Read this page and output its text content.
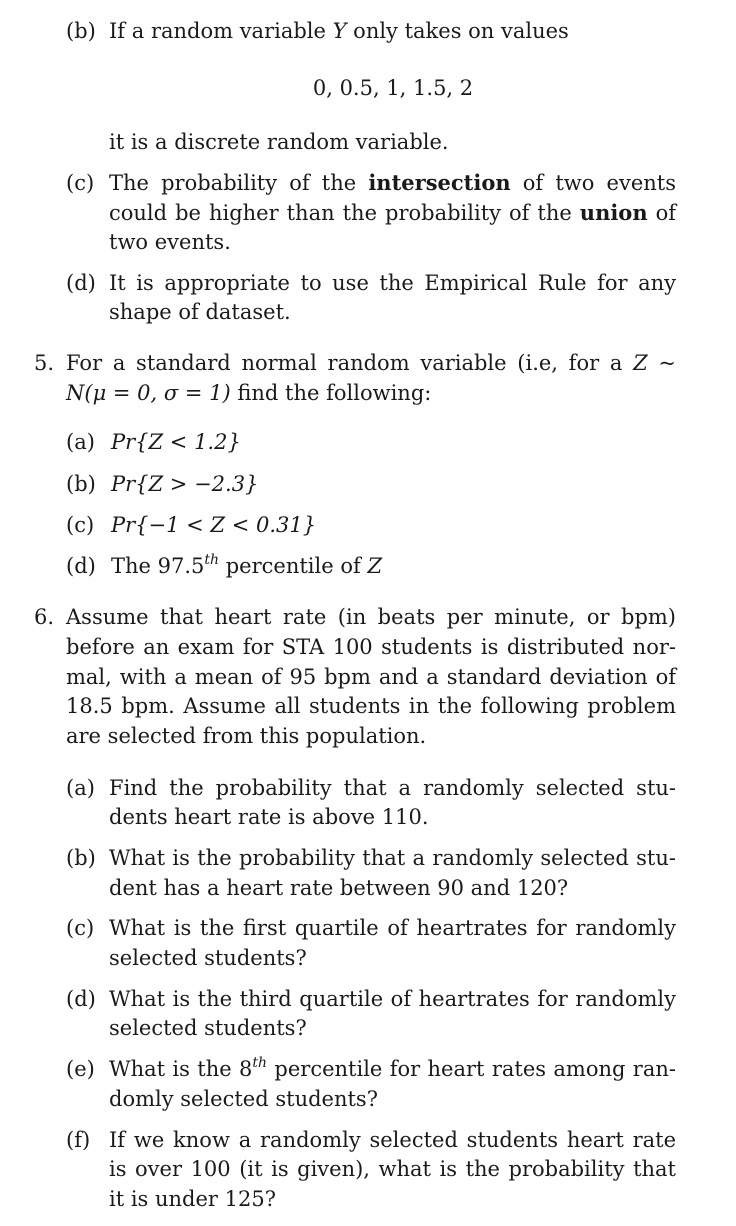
(b) If a random variable Y only takes on values
0, 0.5, 1, 1.5, 2
it is a discrete random variable.
(c) The probability of the intersection of two events
could be higher than the probability of the union of
two events.
(d) It is appropriate to use the Empirical Rule for any
shape of dataset.
5. For a standard normal random variable (i.e, for a Z ~
N(μ = 0, σ = 1) find the following:
(a) Pr{Z < 1.2}
(b) Pr{Z > −2.3}
(c) Pr{−1 < Z < 0.31}
(d) The 97.5th percentile of Z
6. Assume that heart rate (in beats per minute, or bpm)
before an exam for STA 100 students is distributed nor-
mal, with a mean of 95 bpm and a standard deviation of
18.5 bpm. Assume all students in the following problem
are selected from this population.
(a) Find the probability that a randomly selected stu-
dents heart rate is above 110.
(b) What is the probability that a randomly selected stu-
dent has a heart rate between 90 and 120?
(c) What is the first quartile of heartrates for randomly
selected students?
(d) What is the third quartile of heartrates for randomly
selected students?
(e) What is the 8th percentile for heart rates among ran-
domly selected students?
(f) If we know a randomly selected students heart rate
is over 100 (it is given), what is the probability that
it is under 125?
